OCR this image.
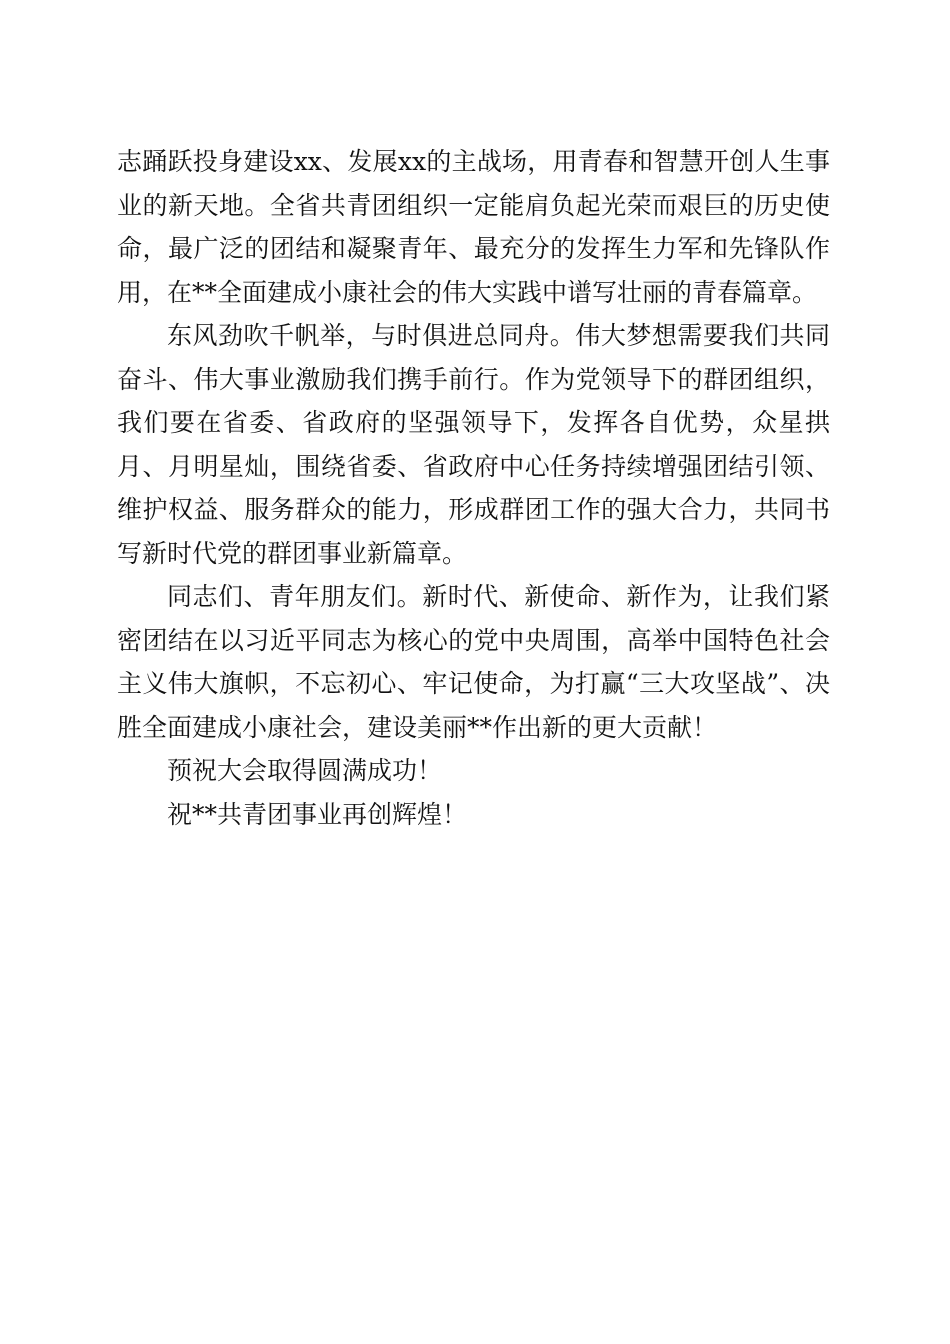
志踊跃投身建设xx、发展xx的主战场，用青春和智慧开创人生事业的新天地。全省共青团组织一定能肩负起光荣而艰巨的历史使命，最广泛的团结和凝聚青年、最充分的发挥生力军和先锋队作用，在**全面建成小康社会的伟大实践中谱写壮丽的青春篇章。

东风劲吹千帆举，与时俱进总同舟。伟大梦想需要我们共同奋斗、伟大事业激励我们携手前行。作为党领导下的群团组织，我们要在省委、省政府的坚强领导下，发挥各自优势，众星拱月、月明星灿，围绕省委、省政府中心任务持续增强团结引领、维护权益、服务群众的能力，形成群团工作的强大合力，共同书写新时代党的群团事业新篇章。

同志们、青年朋友们。新时代、新使命、新作为，让我们紧密团结在以习近平同志为核心的党中央周围，高举中国特色社会主义伟大旗帜，不忘初心、牢记使命，为打赢“三大攻坚战”、决胜全面建成小康社会，建设美丽**作出新的更大贡献！

预祝大会取得圆满成功！

祝**共青团事业再创辉煌！
